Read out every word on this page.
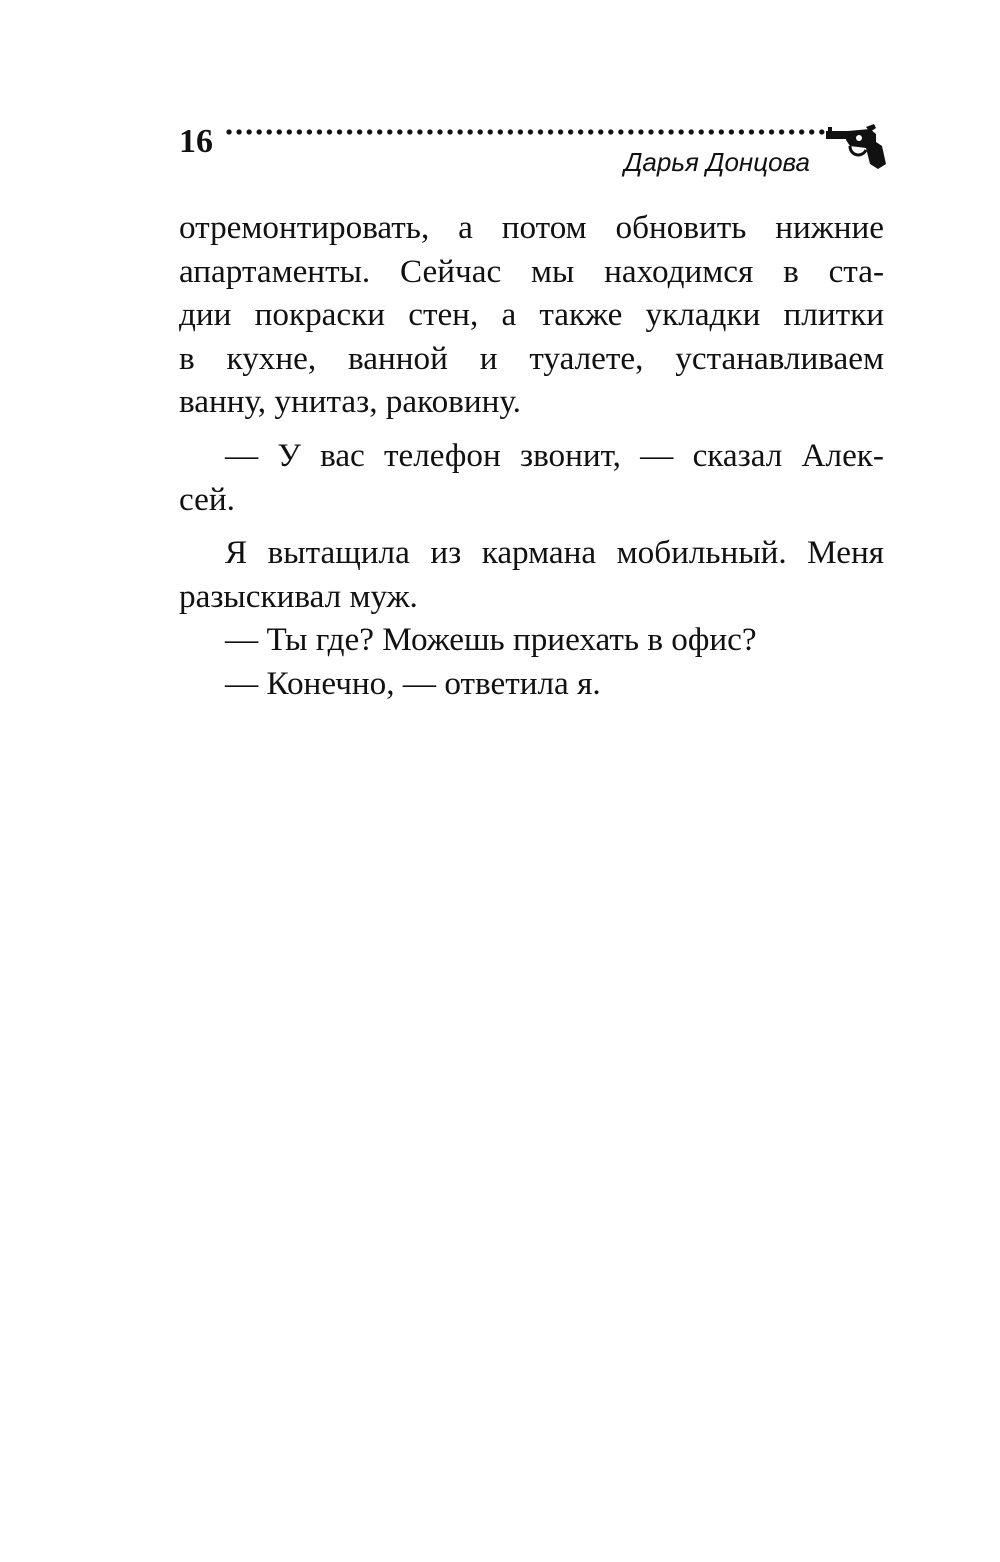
16
Дарья Донцова
отремонтировать, а потом обновить нижние
апартаменты. Сейчас мы находимся в ста-
дии покраски стен, а также укладки плитки
в кухне, ванной и туалете, устанавливаем
ванну, унитаз, раковину.
— У вас телефон звонит, — сказал Алек-
сей.
Я вытащила из кармана мобильный. Меня
разыскивал муж.
— Ты где? Можешь приехать в офис?
— Конечно, — ответила я.
